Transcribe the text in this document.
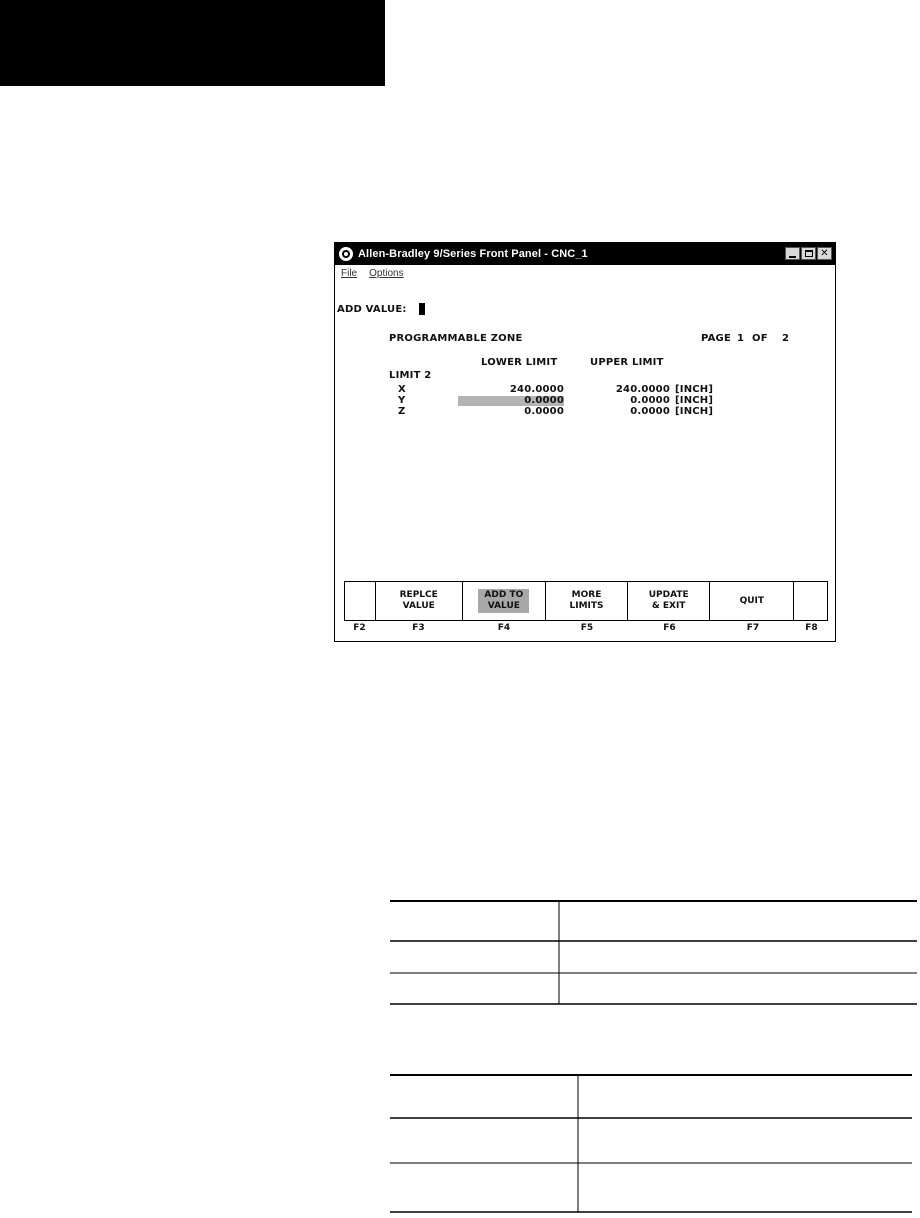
Allen-Bradley 9/Series Front Panel - CNC_1	✕
File Options
ADD VALUE:
PROGRAMMABLE ZONE	PAGE 1 OF 2
LOWER LIMIT	UPPER LIMIT
LIMIT 2
X	240.0000	240.0000 [INCH]
Y	0.0000	0.0000 [INCH]
Z	0.0000	0.0000 [INCH]
REPLCE
VALUE
ADD TO
VALUE
MORE
LIMITS
UPDATE
& EXIT
QUIT
F2	F3	F4	F5	F6	F7	F8
